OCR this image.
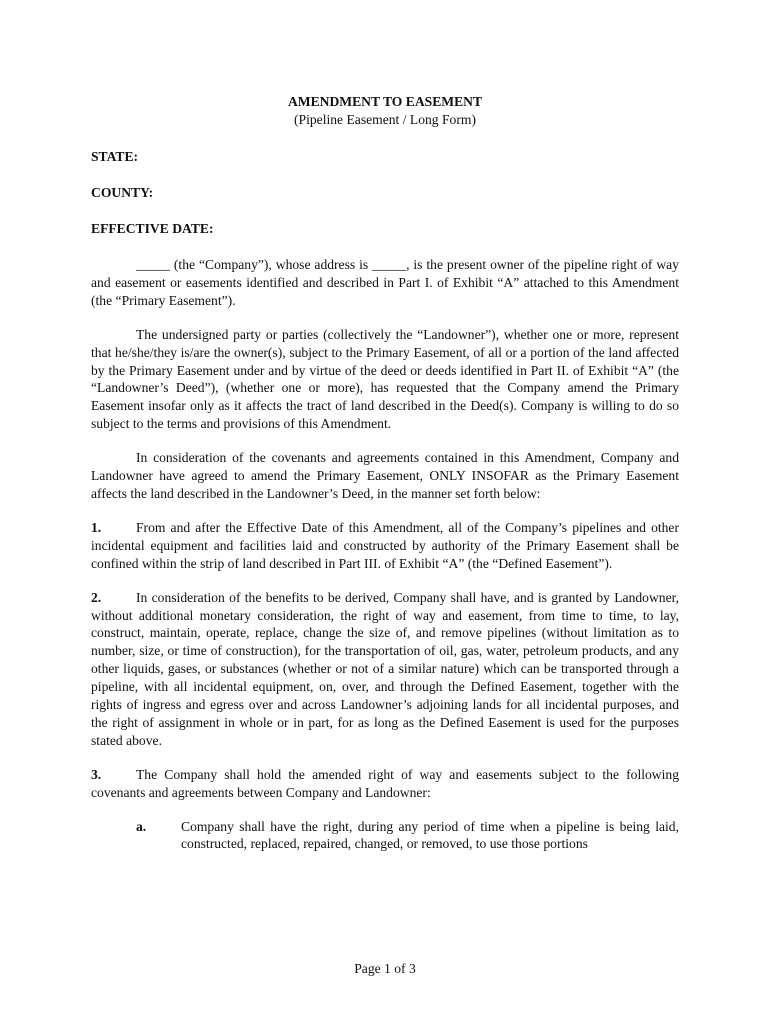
AMENDMENT TO EASEMENT

(Pipeline Easement / Long Form)

STATE:

COUNTY:

EFFECTIVE DATE:

_____ (the “Company”), whose address is _____, is the present owner of the pipeline right of way and easement or easements identified and described in Part I. of Exhibit “A” attached to this Amendment (the “Primary Easement”).

The undersigned party or parties (collectively the “Landowner”), whether one or more, represent that he/she/they is/are the owner(s), subject to the Primary Easement, of all or a portion of the land affected by the Primary Easement under and by virtue of the deed or deeds identified in Part II. of Exhibit “A” (the “Landowner’s Deed”), (whether one or more), has requested that the Company amend the Primary Easement insofar only as it affects the tract of land described in the Deed(s). Company is willing to do so subject to the terms and provisions of this Amendment.

In consideration of the covenants and agreements contained in this Amendment, Company and Landowner have agreed to amend the Primary Easement, ONLY INSOFAR as the Primary Easement affects the land described in the Landowner’s Deed, in the manner set forth below:

1.	From and after the Effective Date of this Amendment, all of the Company’s pipelines and other incidental equipment and facilities laid and constructed by authority of the Primary Easement shall be confined within the strip of land described in Part III. of Exhibit “A” (the “Defined Easement”).

2.	In consideration of the benefits to be derived, Company shall have, and is granted by Landowner, without additional monetary consideration, the right of way and easement, from time to time, to lay, construct, maintain, operate, replace, change the size of, and remove pipelines (without limitation as to number, size, or time of construction), for the transportation of oil, gas, water, petroleum products, and any other liquids, gases, or substances (whether or not of a similar nature) which can be transported through a pipeline, with all incidental equipment, on, over, and through the Defined Easement, together with the rights of ingress and egress over and across Landowner’s adjoining lands for all incidental purposes, and the right of assignment in whole or in part, for as long as the Defined Easement is used for the purposes stated above.

3.	The Company shall hold the amended right of way and easements subject to the following covenants and agreements between Company and Landowner:

a.	Company shall have the right, during any period of time when a pipeline is being laid, constructed, replaced, repaired, changed, or removed, to use those portions
Page 1 of 3
